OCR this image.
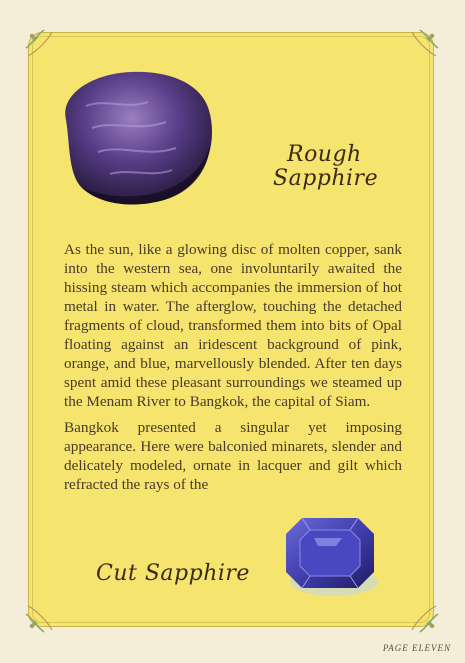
Rough
Sapphire

As the sun, like a glowing disc of molten copper, sank into the western sea, one involuntarily awaited the hissing steam which accompanies the immersion of hot metal in water. The afterglow, touching the detached fragments of cloud, transformed them into bits of Opal floating against an iridescent background of pink, orange, and blue, marvellously blended. After ten days spent amid these pleasant surroundings we steamed up the Menam River to Bangkok, the capital of Siam.

Bangkok presented a singular yet imposing appearance. Here were balconied minarets, slender and delicately modeled, ornate in lacquer and gilt which refracted the rays of the

Cut Sapphire
PAGE ELEVEN
